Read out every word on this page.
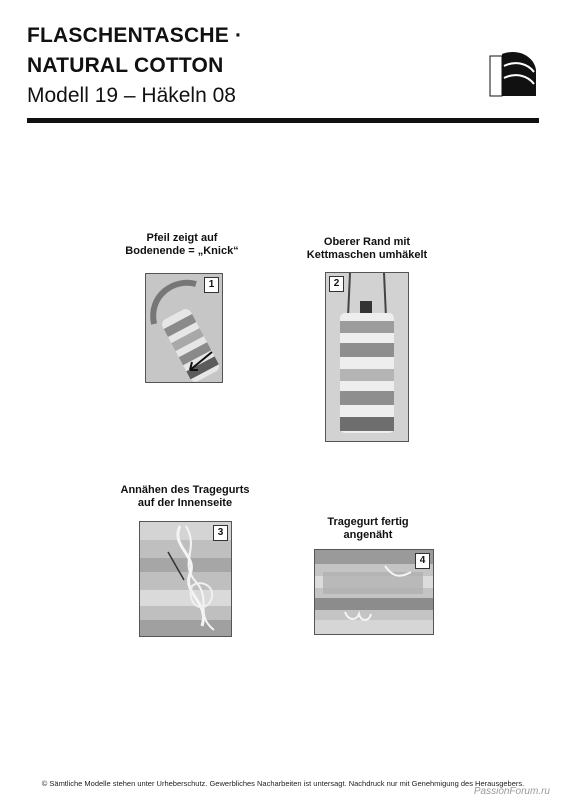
FLASCHENTASCHE ·
NATURAL COTTON
Modell 19 – Häkeln 08
Pfeil zeigt auf
Bodenende = „Knick“
1
Oberer Rand mit
Kettmaschen umhäkelt
2
Annähen des Tragegurts
auf der Innenseite
3
Tragegurt fertig
angenäht
4
© Sämtliche Modelle stehen unter Urheberschutz. Gewerbliches Nacharbeiten ist untersagt. Nachdruck nur mit Genehmigung des Herausgebers.
PassionForum.ru
